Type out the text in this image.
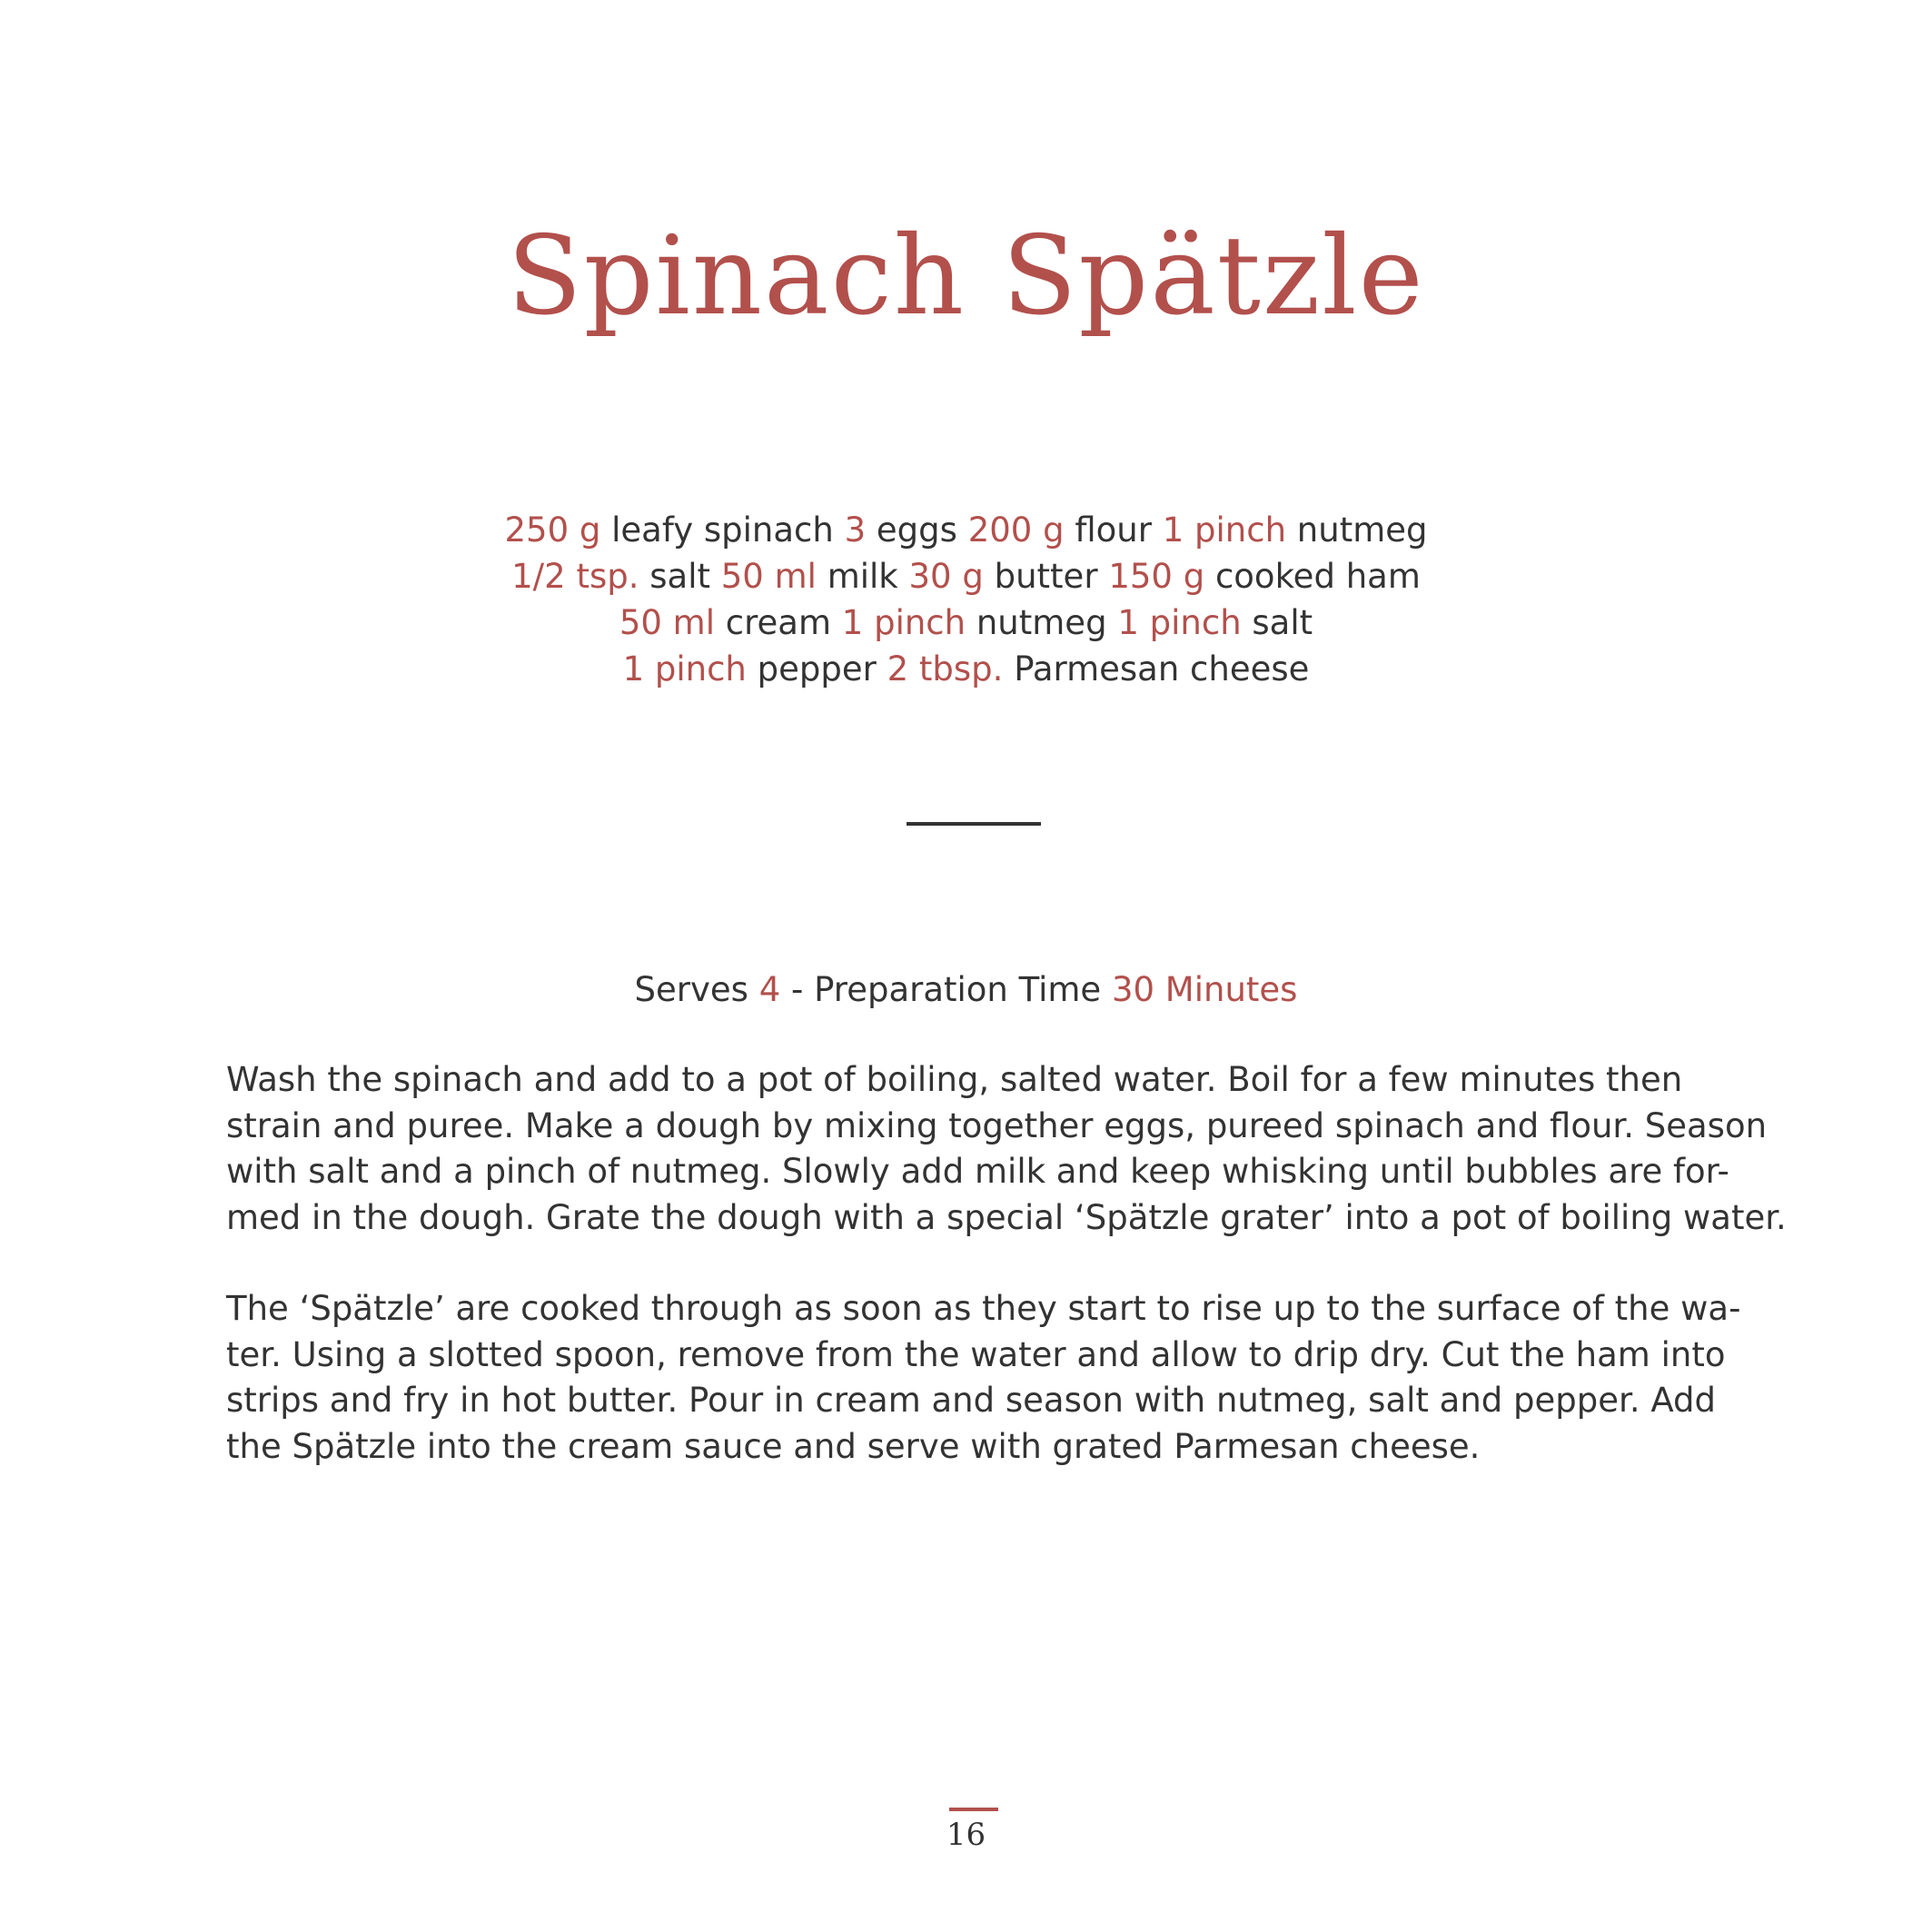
Spinach Spätzle
250 g leafy spinach 3 eggs 200 g flour 1 pinch nutmeg
1/2 tsp. salt 50 ml milk 30 g butter 150 g cooked ham
50 ml cream 1 pinch nutmeg 1 pinch salt
1 pinch pepper 2 tbsp. Parmesan cheese
Serves 4 - Preparation Time 30 Minutes

Wash the spinach and add to a pot of boiling, salted water. Boil for a few minutes then
strain and puree. Make a dough by mixing together eggs, pureed spinach and flour. Season
with salt and a pinch of nutmeg. Slowly add milk and keep whisking until bubbles are for-
med in the dough. Grate the dough with a special ‘Spätzle grater’ into a pot of boiling water.

The ‘Spätzle’ are cooked through as soon as they start to rise up to the surface of the wa-
ter. Using a slotted spoon, remove from the water and allow to drip dry. Cut the ham into
strips and fry in hot butter. Pour in cream and season with nutmeg, salt and pepper. Add
the Spätzle into the cream sauce and serve with grated Parmesan cheese.

16
